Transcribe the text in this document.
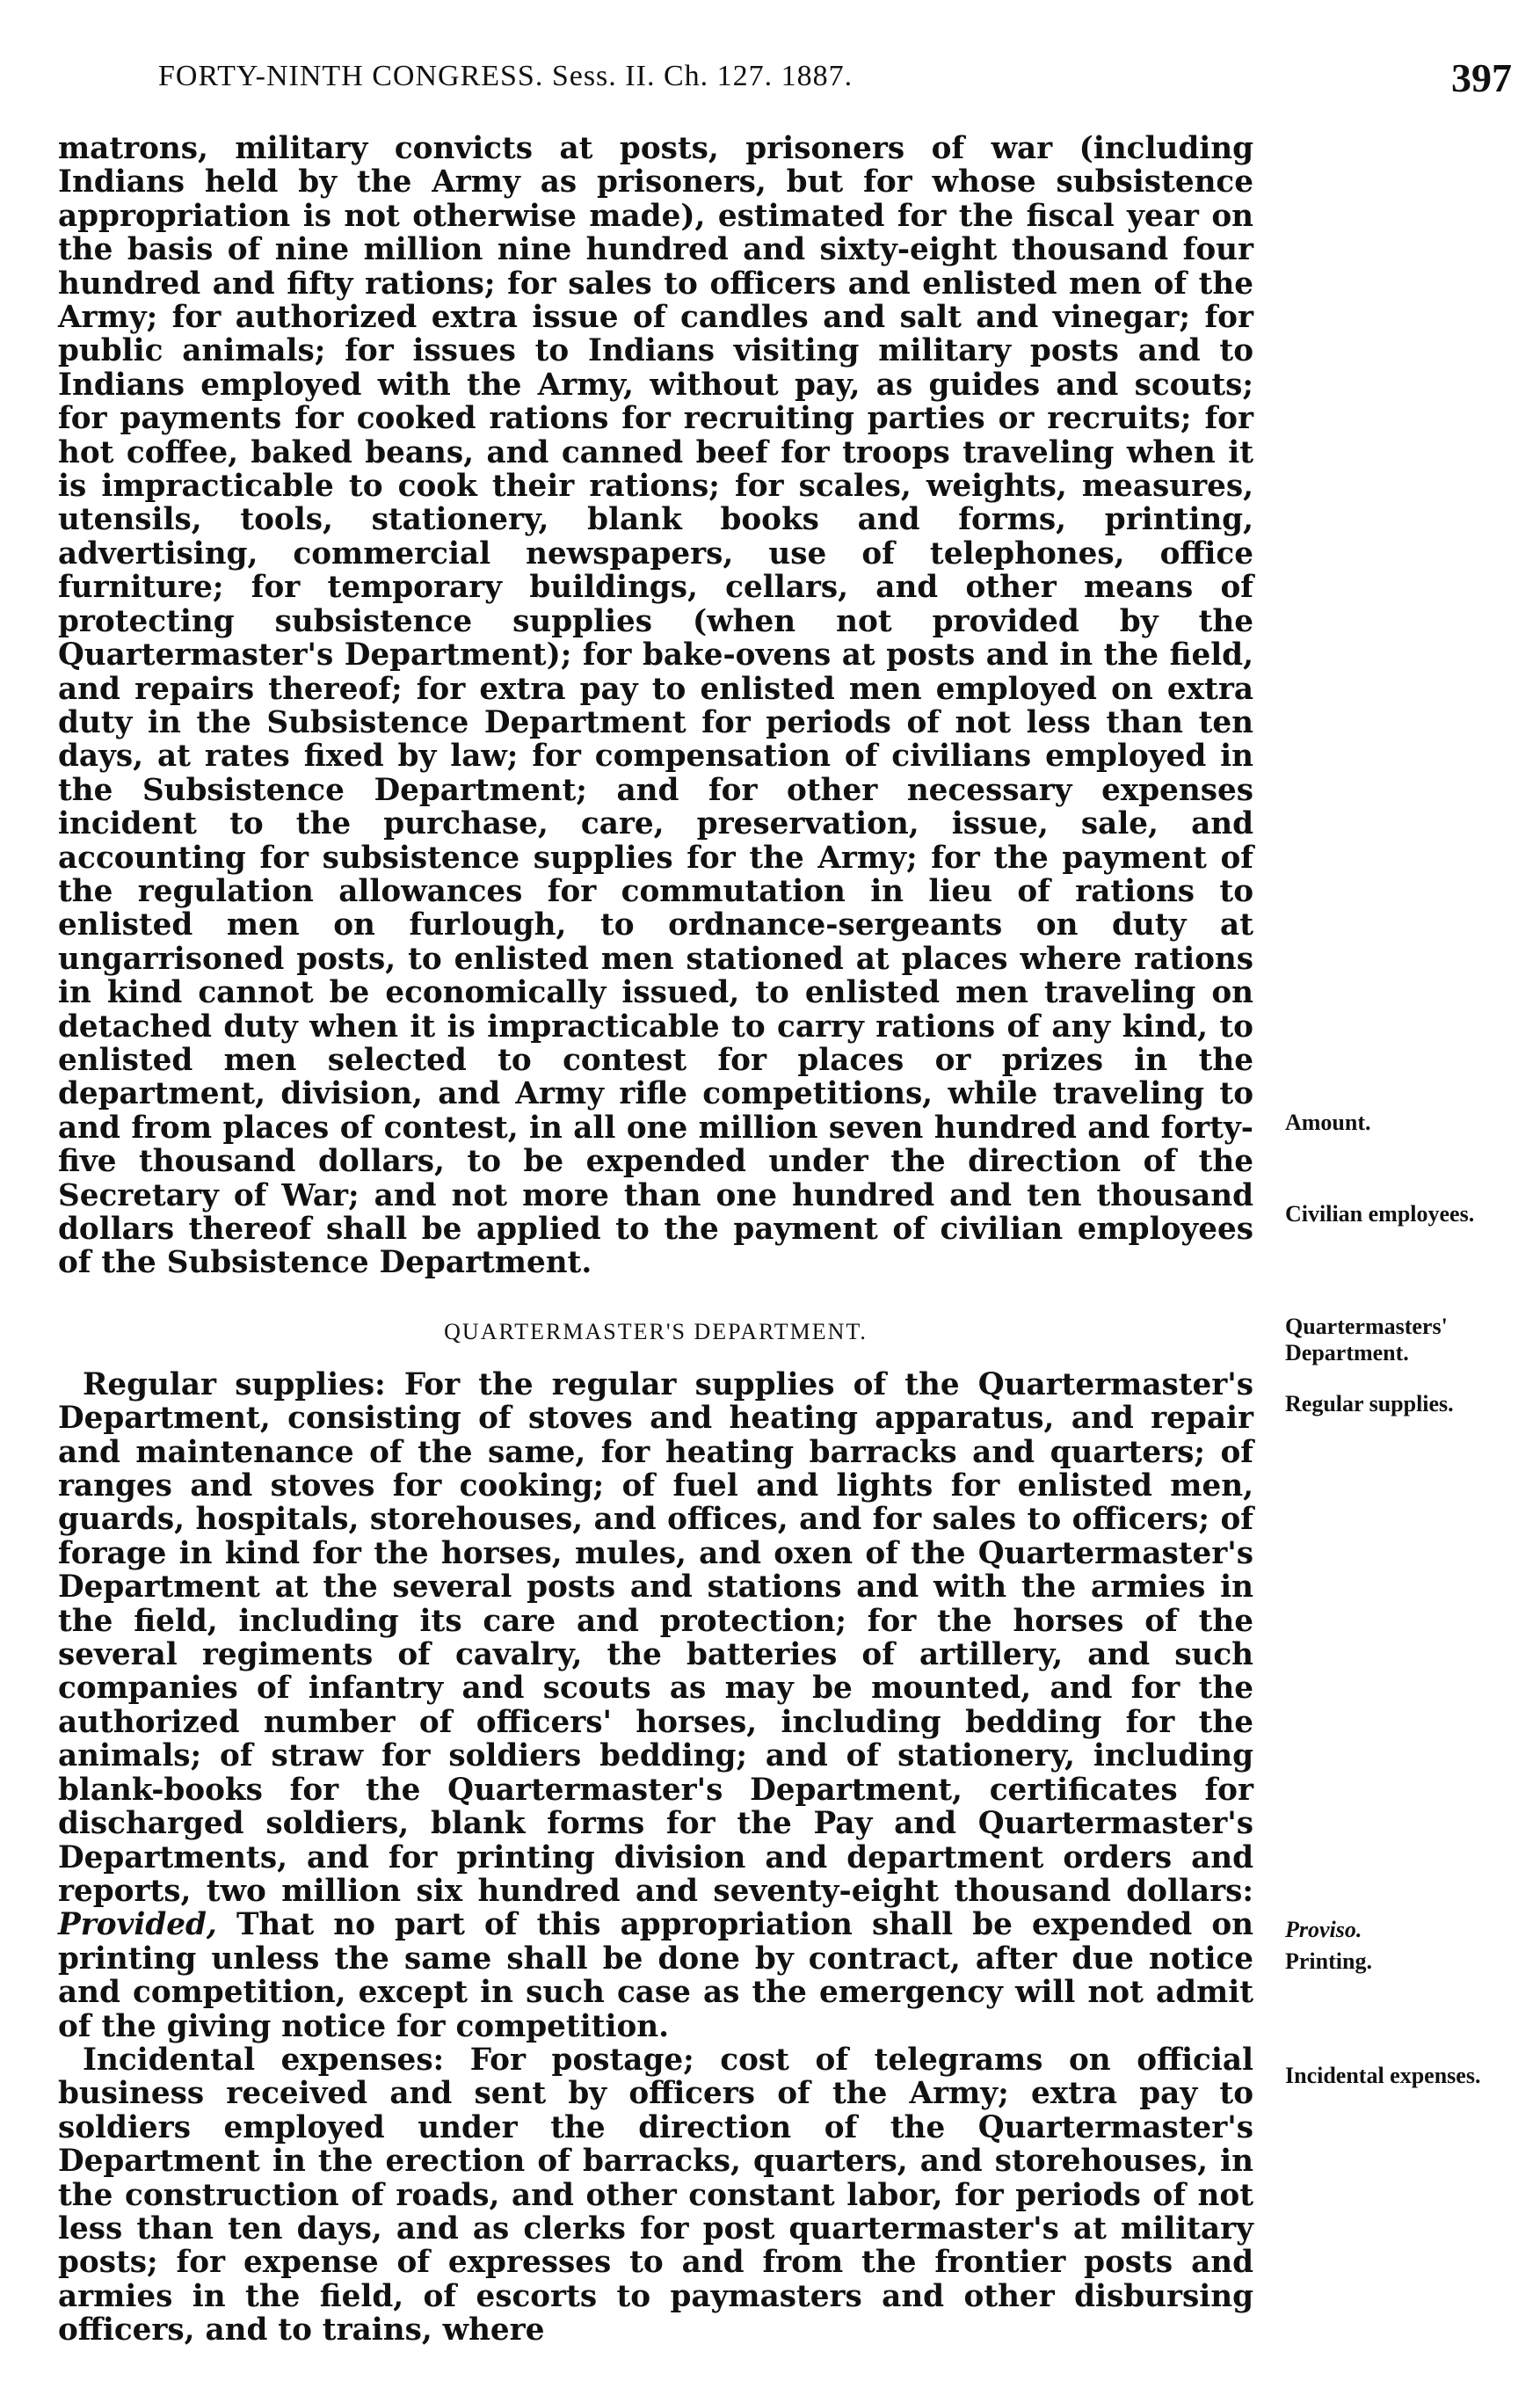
FORTY-NINTH CONGRESS. Sess. II. Ch. 127. 1887.	397

matrons, military convicts at posts, prisoners of war (including Indians held by the Army as prisoners, but for whose subsistence appropriation is not otherwise made), estimated for the fiscal year on the basis of nine million nine hundred and sixty-eight thousand four hundred and fifty rations; for sales to officers and enlisted men of the Army; for authorized extra issue of candles and salt and vinegar; for public animals; for issues to Indians visiting military posts and to Indians employed with the Army, without pay, as guides and scouts; for payments for cooked rations for recruiting parties or recruits; for hot coffee, baked beans, and canned beef for troops traveling when it is impracticable to cook their rations; for scales, weights, measures, utensils, tools, stationery, blank books and forms, printing, advertising, commercial newspapers, use of telephones, office furniture; for temporary buildings, cellars, and other means of protecting subsistence supplies (when not provided by the Quartermaster's Department); for bake-ovens at posts and in the field, and repairs thereof; for extra pay to enlisted men employed on extra duty in the Subsistence Department for periods of not less than ten days, at rates fixed by law; for compensation of civilians employed in the Subsistence Department; and for other necessary expenses incident to the purchase, care, preservation, issue, sale, and accounting for subsistence supplies for the Army; for the payment of the regulation allowances for commutation in lieu of rations to enlisted men on furlough, to ordnance-sergeants on duty at ungarrisoned posts, to enlisted men stationed at places where rations in kind cannot be economically issued, to enlisted men traveling on detached duty when it is impracticable to carry rations of any kind, to enlisted men selected to contest for places or prizes in the department, division, and Army rifle competitions, while traveling to and from places of contest, in all one million seven hundred and forty-five thousand dollars, to be expended under the direction of the Secretary of War; and not more than one hundred and ten thousand dollars thereof shall be applied to the payment of civilian employees of the Subsistence Department.

QUARTERMASTER'S DEPARTMENT.

Regular supplies: For the regular supplies of the Quartermaster's Department, consisting of stoves and heating apparatus, and repair and maintenance of the same, for heating barracks and quarters; of ranges and stoves for cooking; of fuel and lights for enlisted men, guards, hospitals, storehouses, and offices, and for sales to officers; of forage in kind for the horses, mules, and oxen of the Quartermaster's Department at the several posts and stations and with the armies in the field, including its care and protection; for the horses of the several regiments of cavalry, the batteries of artillery, and such companies of infantry and scouts as may be mounted, and for the authorized number of officers' horses, including bedding for the animals; of straw for soldiers bedding; and of stationery, including blank-books for the Quartermaster's Department, certificates for discharged soldiers, blank forms for the Pay and Quartermaster's Departments, and for printing division and department orders and reports, two million six hundred and seventy-eight thousand dollars: Provided, That no part of this appropriation shall be expended on printing unless the same shall be done by contract, after due notice and competition, except in such case as the emergency will not admit of the giving notice for competition.

Incidental expenses: For postage; cost of telegrams on official business received and sent by officers of the Army; extra pay to soldiers employed under the direction of the Quartermaster's Department in the erection of barracks, quarters, and storehouses, in the construction of roads, and other constant labor, for periods of not less than ten days, and as clerks for post quartermaster's at military posts; for expense of expresses to and from the frontier posts and armies in the field, of escorts to paymasters and other disbursing officers, and to trains, where

Amount.
Civilian employees.
Quartermasters' Department.
Regular supplies.
Proviso.
Printing.
Incidental expenses.
